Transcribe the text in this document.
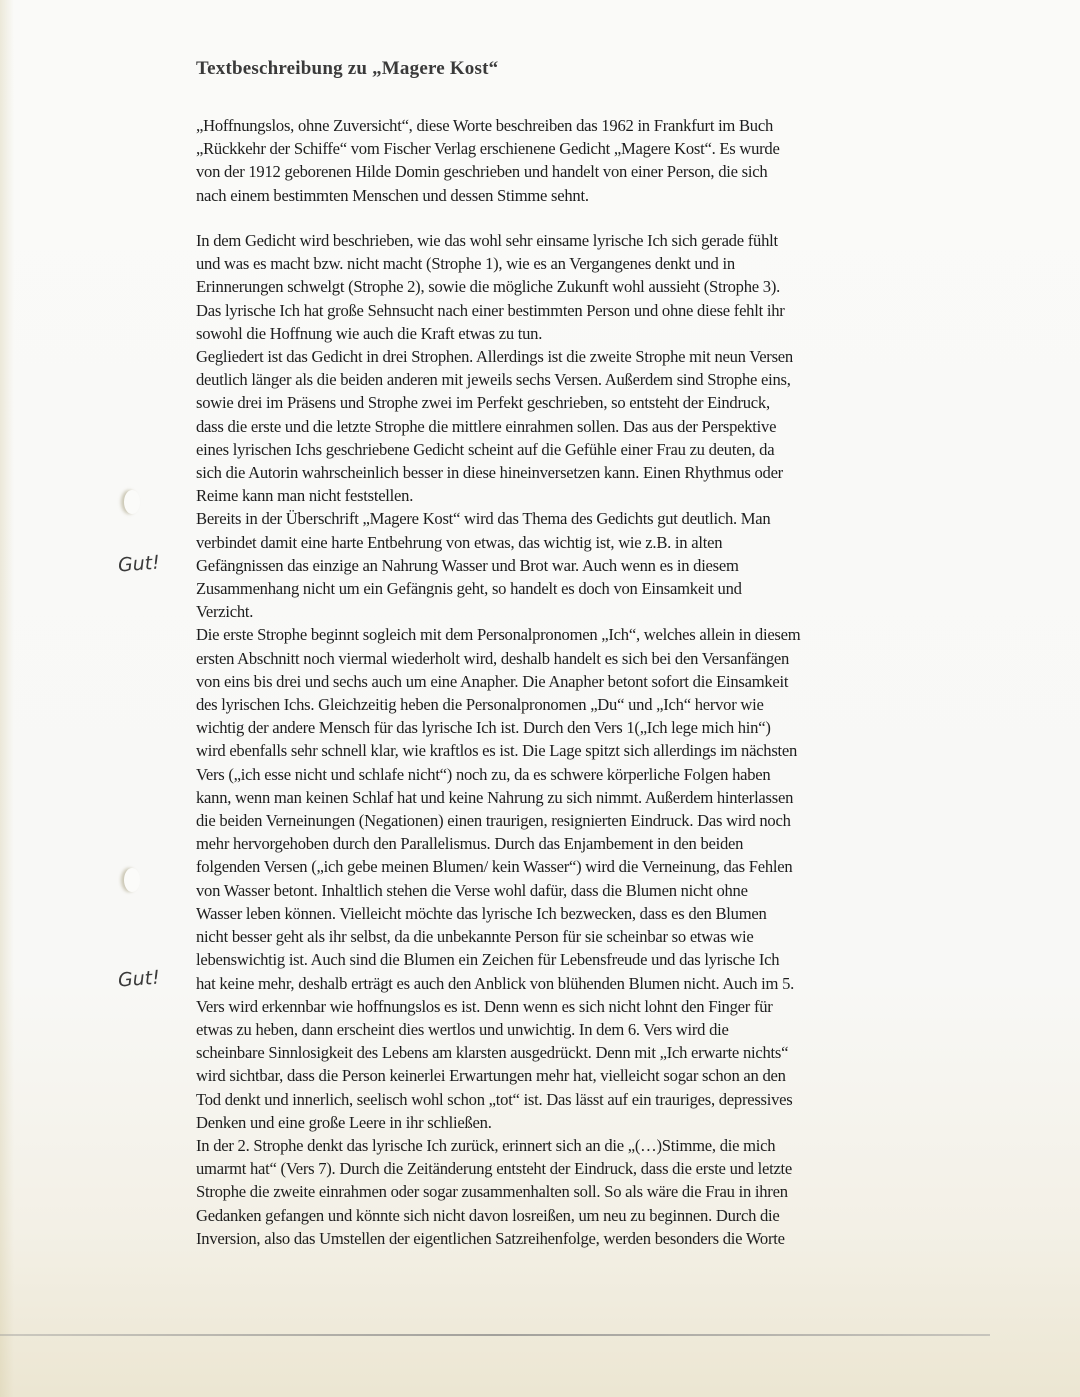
Textbeschreibung zu „Magere Kost“
„Hoffnungslos, ohne Zuversicht“, diese Worte beschreiben das 1962 in Frankfurt im Buch
„Rückkehr der Schiffe“ vom Fischer Verlag erschienene Gedicht „Magere Kost“. Es wurde
von der 1912 geborenen Hilde Domin geschrieben und handelt von einer Person, die sich
nach einem bestimmten Menschen und dessen Stimme sehnt.
In dem Gedicht wird beschrieben, wie das wohl sehr einsame lyrische Ich sich gerade fühlt
und was es macht bzw. nicht macht (Strophe 1), wie es an Vergangenes denkt und in
Erinnerungen schwelgt (Strophe 2), sowie die mögliche Zukunft wohl aussieht (Strophe 3).
Das lyrische Ich hat große Sehnsucht nach einer bestimmten Person und ohne diese fehlt ihr
sowohl die Hoffnung wie auch die Kraft etwas zu tun.
Gegliedert ist das Gedicht in drei Strophen. Allerdings ist die zweite Strophe mit neun Versen
deutlich länger als die beiden anderen mit jeweils sechs Versen. Außerdem sind Strophe eins,
sowie drei im Präsens und Strophe zwei im Perfekt geschrieben, so entsteht der Eindruck,
dass die erste und die letzte Strophe die mittlere einrahmen sollen. Das aus der Perspektive
eines lyrischen Ichs geschriebene Gedicht scheint auf die Gefühle einer Frau zu deuten, da
sich die Autorin wahrscheinlich besser in diese hineinversetzen kann. Einen Rhythmus oder
Reime kann man nicht feststellen.
Bereits in der Überschrift „Magere Kost“ wird das Thema des Gedichts gut deutlich. Man
verbindet damit eine harte Entbehrung von etwas, das wichtig ist, wie z.B. in alten
Gefängnissen das einzige an Nahrung Wasser und Brot war. Auch wenn es in diesem
Zusammenhang nicht um ein Gefängnis geht, so handelt es doch von Einsamkeit und
Verzicht.
Die erste Strophe beginnt sogleich mit dem Personalpronomen „Ich“, welches allein in diesem
ersten Abschnitt noch viermal wiederholt wird, deshalb handelt es sich bei den Versanfängen
von eins bis drei und sechs auch um eine Anapher. Die Anapher betont sofort die Einsamkeit
des lyrischen Ichs. Gleichzeitig heben die Personalpronomen „Du“ und „Ich“ hervor wie
wichtig der andere Mensch für das lyrische Ich ist. Durch den Vers 1(„Ich lege mich hin“)
wird ebenfalls sehr schnell klar, wie kraftlos es ist. Die Lage spitzt sich allerdings im nächsten
Vers („ich esse nicht und schlafe nicht“) noch zu, da es schwere körperliche Folgen haben
kann, wenn man keinen Schlaf hat und keine Nahrung zu sich nimmt. Außerdem hinterlassen
die beiden Verneinungen (Negationen) einen traurigen, resignierten Eindruck. Das wird noch
mehr hervorgehoben durch den Parallelismus. Durch das Enjambement in den beiden
folgenden Versen („ich gebe meinen Blumen/ kein Wasser“) wird die Verneinung, das Fehlen
von Wasser betont. Inhaltlich stehen die Verse wohl dafür, dass die Blumen nicht ohne
Wasser leben können. Vielleicht möchte das lyrische Ich bezwecken, dass es den Blumen
nicht besser geht als ihr selbst, da die unbekannte Person für sie scheinbar so etwas wie
lebenswichtig ist. Auch sind die Blumen ein Zeichen für Lebensfreude und das lyrische Ich
hat keine mehr, deshalb erträgt es auch den Anblick von blühenden Blumen nicht. Auch im 5.
Vers wird erkennbar wie hoffnungslos es ist. Denn wenn es sich nicht lohnt den Finger für
etwas zu heben, dann erscheint dies wertlos und unwichtig. In dem 6. Vers wird die
scheinbare Sinnlosigkeit des Lebens am klarsten ausgedrückt. Denn mit „Ich erwarte nichts“
wird sichtbar, dass die Person keinerlei Erwartungen mehr hat, vielleicht sogar schon an den
Tod denkt und innerlich, seelisch wohl schon „tot“ ist. Das lässt auf ein trauriges, depressives
Denken und eine große Leere in ihr schließen.
In der 2. Strophe denkt das lyrische Ich zurück, erinnert sich an die „(…)Stimme, die mich
umarmt hat“ (Vers 7). Durch die Zeitänderung entsteht der Eindruck, dass die erste und letzte
Strophe die zweite einrahmen oder sogar zusammenhalten soll. So als wäre die Frau in ihren
Gedanken gefangen und könnte sich nicht davon losreißen, um neu zu beginnen. Durch die
Inversion, also das Umstellen der eigentlichen Satzreihenfolge, werden besonders die Worte
Gut!
Gut!
